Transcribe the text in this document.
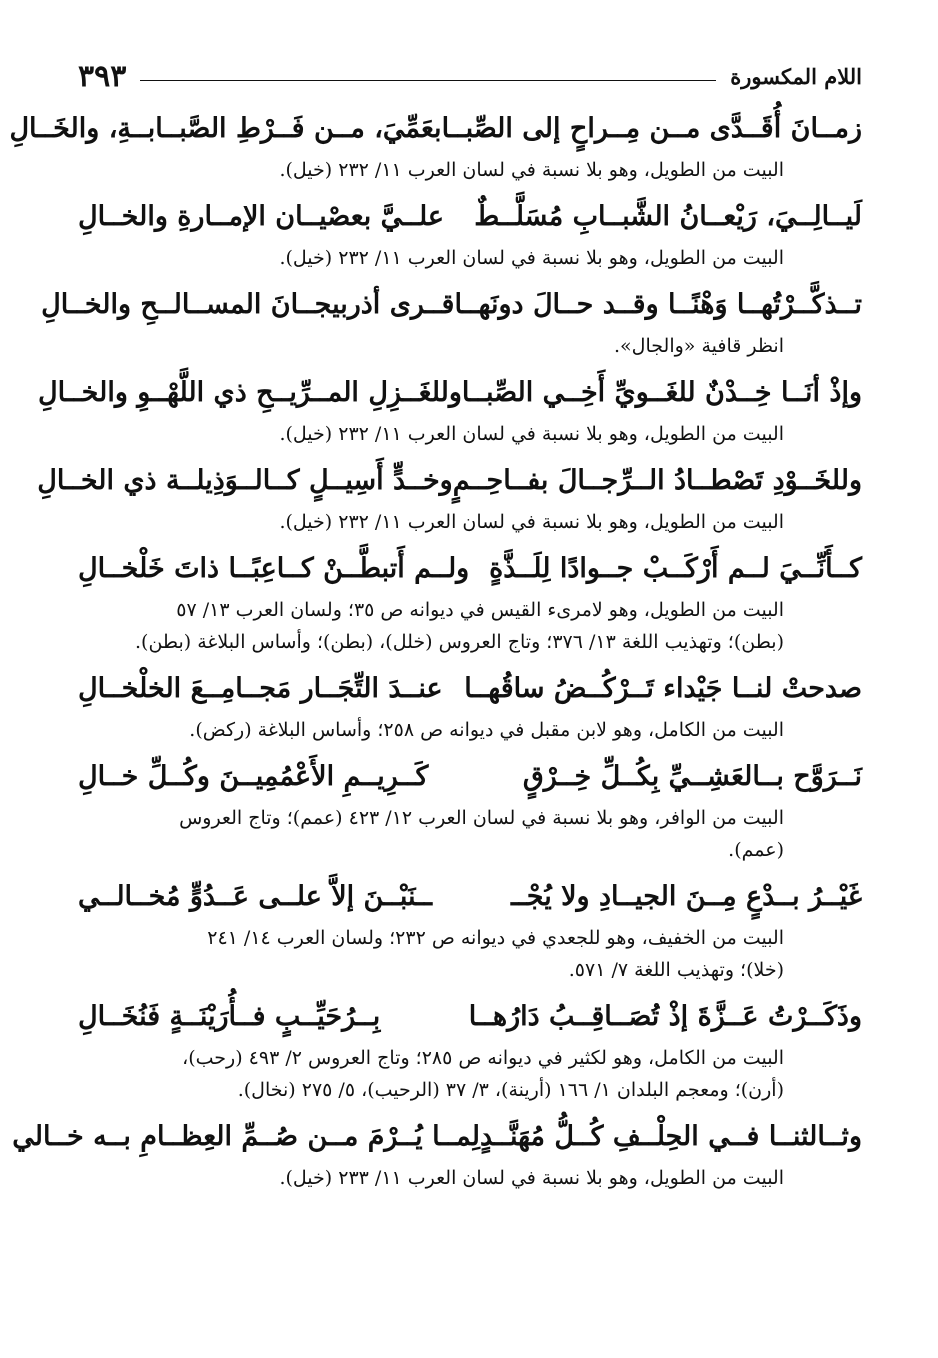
٣٩٣	اللام المكسورة
زمــانَ أُقَــدَّى مــن مِــراحٍ إلى الصِّبــا
بعَمِّيَ، مــن فَــرْطِ الصَّبــابــةِ، والخَــالِ
البيت من الطويل، وهو بلا نسبة في لسان العرب ١١/ ٢٣٢ (خيل).
لَيــالِــيَ، رَيْعــانُ الشَّبــابِ مُسَلَّــطٌ
علــيَّ بعصْيــان الإمــارةِ والخــالِ
البيت من الطويل، وهو بلا نسبة في لسان العرب ١١/ ٢٣٢ (خيل).
تــذكَّــرْتُهــا وَهْنًــا وقــد حــالَ دونَهــا
قــرى أذربيجــانَ المســالــحِ والخــالِ
انظر قافية «والجال».
وإذْ أنَــا خِــدْنٌ للغَــويِّ أَخِــي الصِّبــا
وللغَــزِلِ المــرِّيــحِ ذي اللَّهْــوِ والخــالِ
البيت من الطويل، وهو بلا نسبة في لسان العرب ١١/ ٢٣٢ (خيل).
وللخَــوْدِ تَصْطــادُ الــرِّجــالَ بفــاحِــمٍ
وخــدٍّ أَسِيــلٍ كــالــوَذِيلــة ذي الخــالِ
البيت من الطويل، وهو بلا نسبة في لسان العرب ١١/ ٢٣٢ (خيل).
كــأَنِّــيَ لــم أَرْكَــبْ جــوادًا لِلَــذَّةٍ
ولــم أَتبطَّــنْ كــاعِبًــا ذاتَ خَلْخــالِ
البيت من الطويل، وهو لامرىء القيس في ديوانه ص ٣٥؛ ولسان العرب ١٣/ ٥٧
(بطن)؛ وتهذيب اللغة ١٣/ ٣٧٦؛ وتاج العروس (خلل)، (بطن)؛ وأساس البلاغة (بطن).
صدحتْ لنــا جَيْداء تَــرْكُــضُ ساقُهــا
عنــدَ التِّجَــار مَجــامِــعَ الخلْخــالِ
البيت من الكامل، وهو لابن مقبل في ديوانه ص ٢٥٨؛ وأساس البلاغة (ركض).
نَــرَوَّح بــالعَشِــيِّ بِكُــلِّ خِــرْقٍ
كَــرِيــمِ الأَعْمُمِيــنَ وكُــلِّ خــالِ
البيت من الوافر، وهو بلا نسبة في لسان العرب ١٢/ ٤٢٣ (عمم)؛ وتاج العروس
(عمم).
غَيْــرُ بــدْعٍ مِــنَ الجيــادِ ولا يُجْــ
ــنَبْــنَ إلاَّ علــى عَــدُوٍّ مُخــالــي
البيت من الخفيف، وهو للجعدي في ديوانه ص ٢٣٢؛ ولسان العرب ١٤/ ٢٤١
(خلا)؛ وتهذيب اللغة ٧/ ٥٧١.
وذَكَــرْتُ عَــزَّةَ إذْ تُصَــاقِــبُ دَارُهــا
بِــرُحَيِّــبٍ فــأُرَيْنَــةٍ فَنُخَــالِ
البيت من الكامل، وهو لكثير في ديوانه ص ٢٨٥؛ وتاج العروس ٢/ ٤٩٣ (رحب)،
(أرن)؛ ومعجم البلدان ١/ ١٦٦ (أرينة)، ٣/ ٣٧ (الرحيب)، ٥/ ٢٧٥ (نخال).
وثــالثنــا فــي الحِلْــفِ كُــلُّ مُهَنَّــدٍ
لِمــا يُــرْمَ مــن صُــمِّ العِظــامِ بــه خــالي
البيت من الطويل، وهو بلا نسبة في لسان العرب ١١/ ٢٣٣ (خيل).
